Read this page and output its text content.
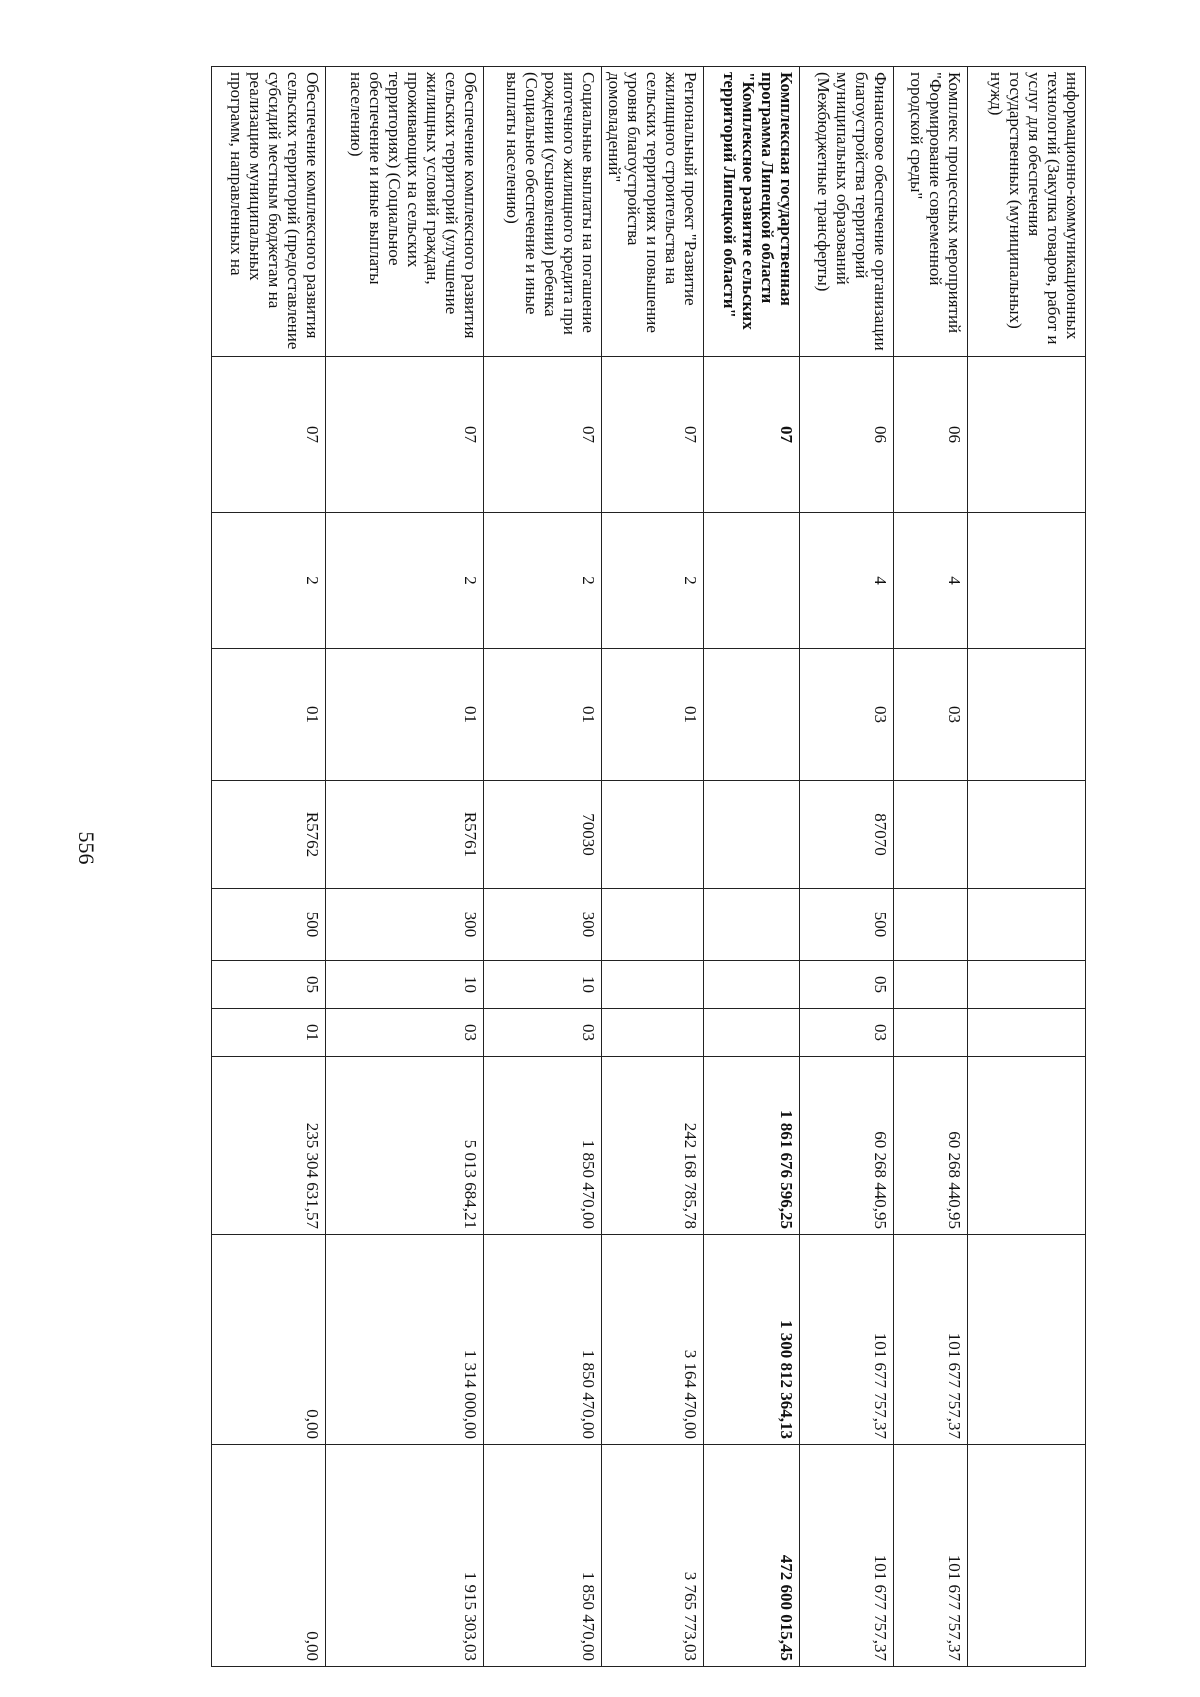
556
информационно-коммуникационных технологий (Закупка товаров, работ и услуг для обеспечения государственных (муниципальных) нужд)										
Комплекс процессных мероприятий "Формирование современной городской среды"	06	4	03					60 268 440,95	101 677 757,37	101 677 757,37
Финансовое обеспечение организации благоустройства территорий муниципальных образований (Межбюджетные трансферты)	06	4	03	87070	500	05	03	60 268 440,95	101 677 757,37	101 677 757,37
Комплексная государственная программа Липецкой области "Комплексное развитие сельских территорий Липецкой области"	07							1 861 676 596,25	1 300 812 364,13	472 600 015,45
Региональный проект "Развитие жилищного строительства на сельских территориях и повышение уровня благоустройства домовладений"	07	2	01					242 168 785,78	3 164 470,00	3 765 773,03
Социальные выплаты на погашение ипотечного жилищного кредита при рождении (усыновлении) ребенка (Социальное обеспечение и иные выплаты населению)	07	2	01	70030	300	10	03	1 850 470,00	1 850 470,00	1 850 470,00
Обеспечение комплексного развития сельских территорий (улучшение жилищных условий граждан, проживающих на сельских территориях) (Социальное обеспечение и иные выплаты населению)	07	2	01	R5761	300	10	03	5 013 684,21	1 314 000,00	1 915 303,03
Обеспечение комплексного развития сельских территорий (предоставление субсидий местным бюджетам на реализацию муниципальных программ, направленных на	07	2	01	R5762	500	05	01	235 304 631,57	0,00	0,00
